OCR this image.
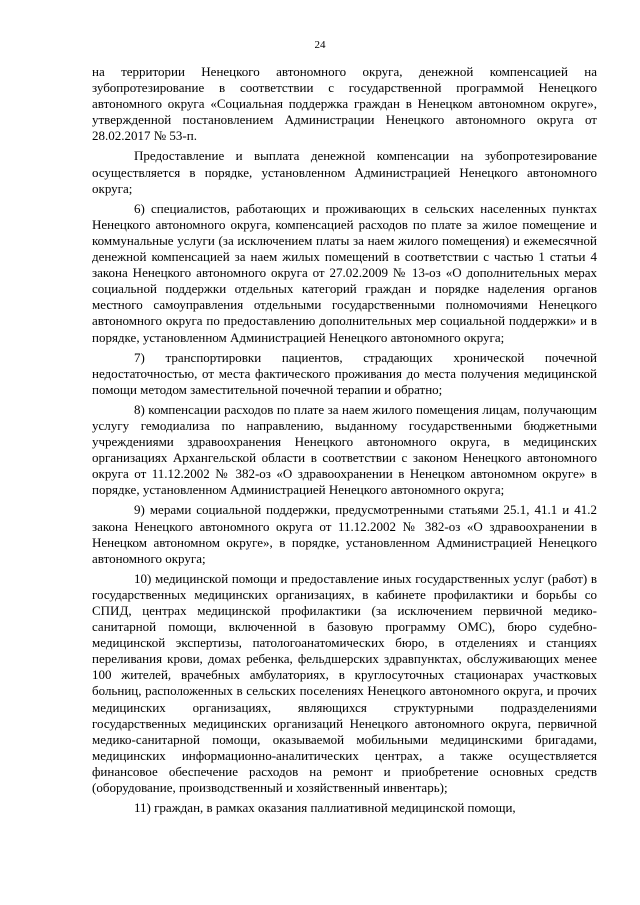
24

на территории Ненецкого автономного округа, денежной компенсацией на зубопротезирование в соответствии с государственной программой Ненецкого автономного округа «Социальная поддержка граждан в Ненецком автономном округе», утвержденной постановлением Администрации Ненецкого автономного округа от 28.02.2017 № 53-п.

Предоставление и выплата денежной компенсации на зубопротезирование осуществляется в порядке, установленном Администрацией Ненецкого автономного округа;

6) специалистов, работающих и проживающих в сельских населенных пунктах Ненецкого автономного округа, компенсацией расходов по плате за жилое помещение и коммунальные услуги (за исключением платы за наем жилого помещения) и ежемесячной денежной компенсацией за наем жилых помещений в соответствии с частью 1 статьи 4 закона Ненецкого автономного округа от 27.02.2009 № 13-оз «О дополнительных мерах социальной поддержки отдельных категорий граждан и порядке наделения органов местного самоуправления отдельными государственными полномочиями Ненецкого автономного округа по предоставлению дополнительных мер социальной поддержки» и в порядке, установленном Администрацией Ненецкого автономного округа;

7) транспортировки пациентов, страдающих хронической почечной недостаточностью, от места фактического проживания до места получения медицинской помощи методом заместительной почечной терапии и обратно;

8) компенсации расходов по плате за наем жилого помещения лицам, получающим услугу гемодиализа по направлению, выданному государственными бюджетными учреждениями здравоохранения Ненецкого автономного округа, в медицинских организациях Архангельской области в соответствии с законом Ненецкого автономного округа от 11.12.2002 № 382-оз «О здравоохранении в Ненецком автономном округе» в порядке, установленном Администрацией Ненецкого автономного округа;

9) мерами социальной поддержки, предусмотренными статьями 25.1, 41.1 и 41.2 закона Ненецкого автономного округа от 11.12.2002 № 382-оз «О здравоохранении в Ненецком автономном округе», в порядке, установленном Администрацией Ненецкого автономного округа;

10) медицинской помощи и предоставление иных государственных услуг (работ) в государственных медицинских организациях, в кабинете профилактики и борьбы со СПИД, центрах медицинской профилактики (за исключением первичной медико-санитарной помощи, включенной в базовую программу ОМС), бюро судебно-медицинской экспертизы, патологоанатомических бюро, в отделениях и станциях переливания крови, домах ребенка, фельдшерских здравпунктах, обслуживающих менее 100 жителей, врачебных амбулаториях, в круглосуточных стационарах участковых больниц, расположенных в сельских поселениях Ненецкого автономного округа, и прочих медицинских организациях, являющихся структурными подразделениями государственных медицинских организаций Ненецкого автономного округа, первичной медико-санитарной помощи, оказываемой мобильными медицинскими бригадами, медицинских информационно-аналитических центрах, а также осуществляется финансовое обеспечение расходов на ремонт и приобретение основных средств (оборудование, производственный и хозяйственный инвентарь);

11) граждан, в рамках оказания паллиативной медицинской помощи,
